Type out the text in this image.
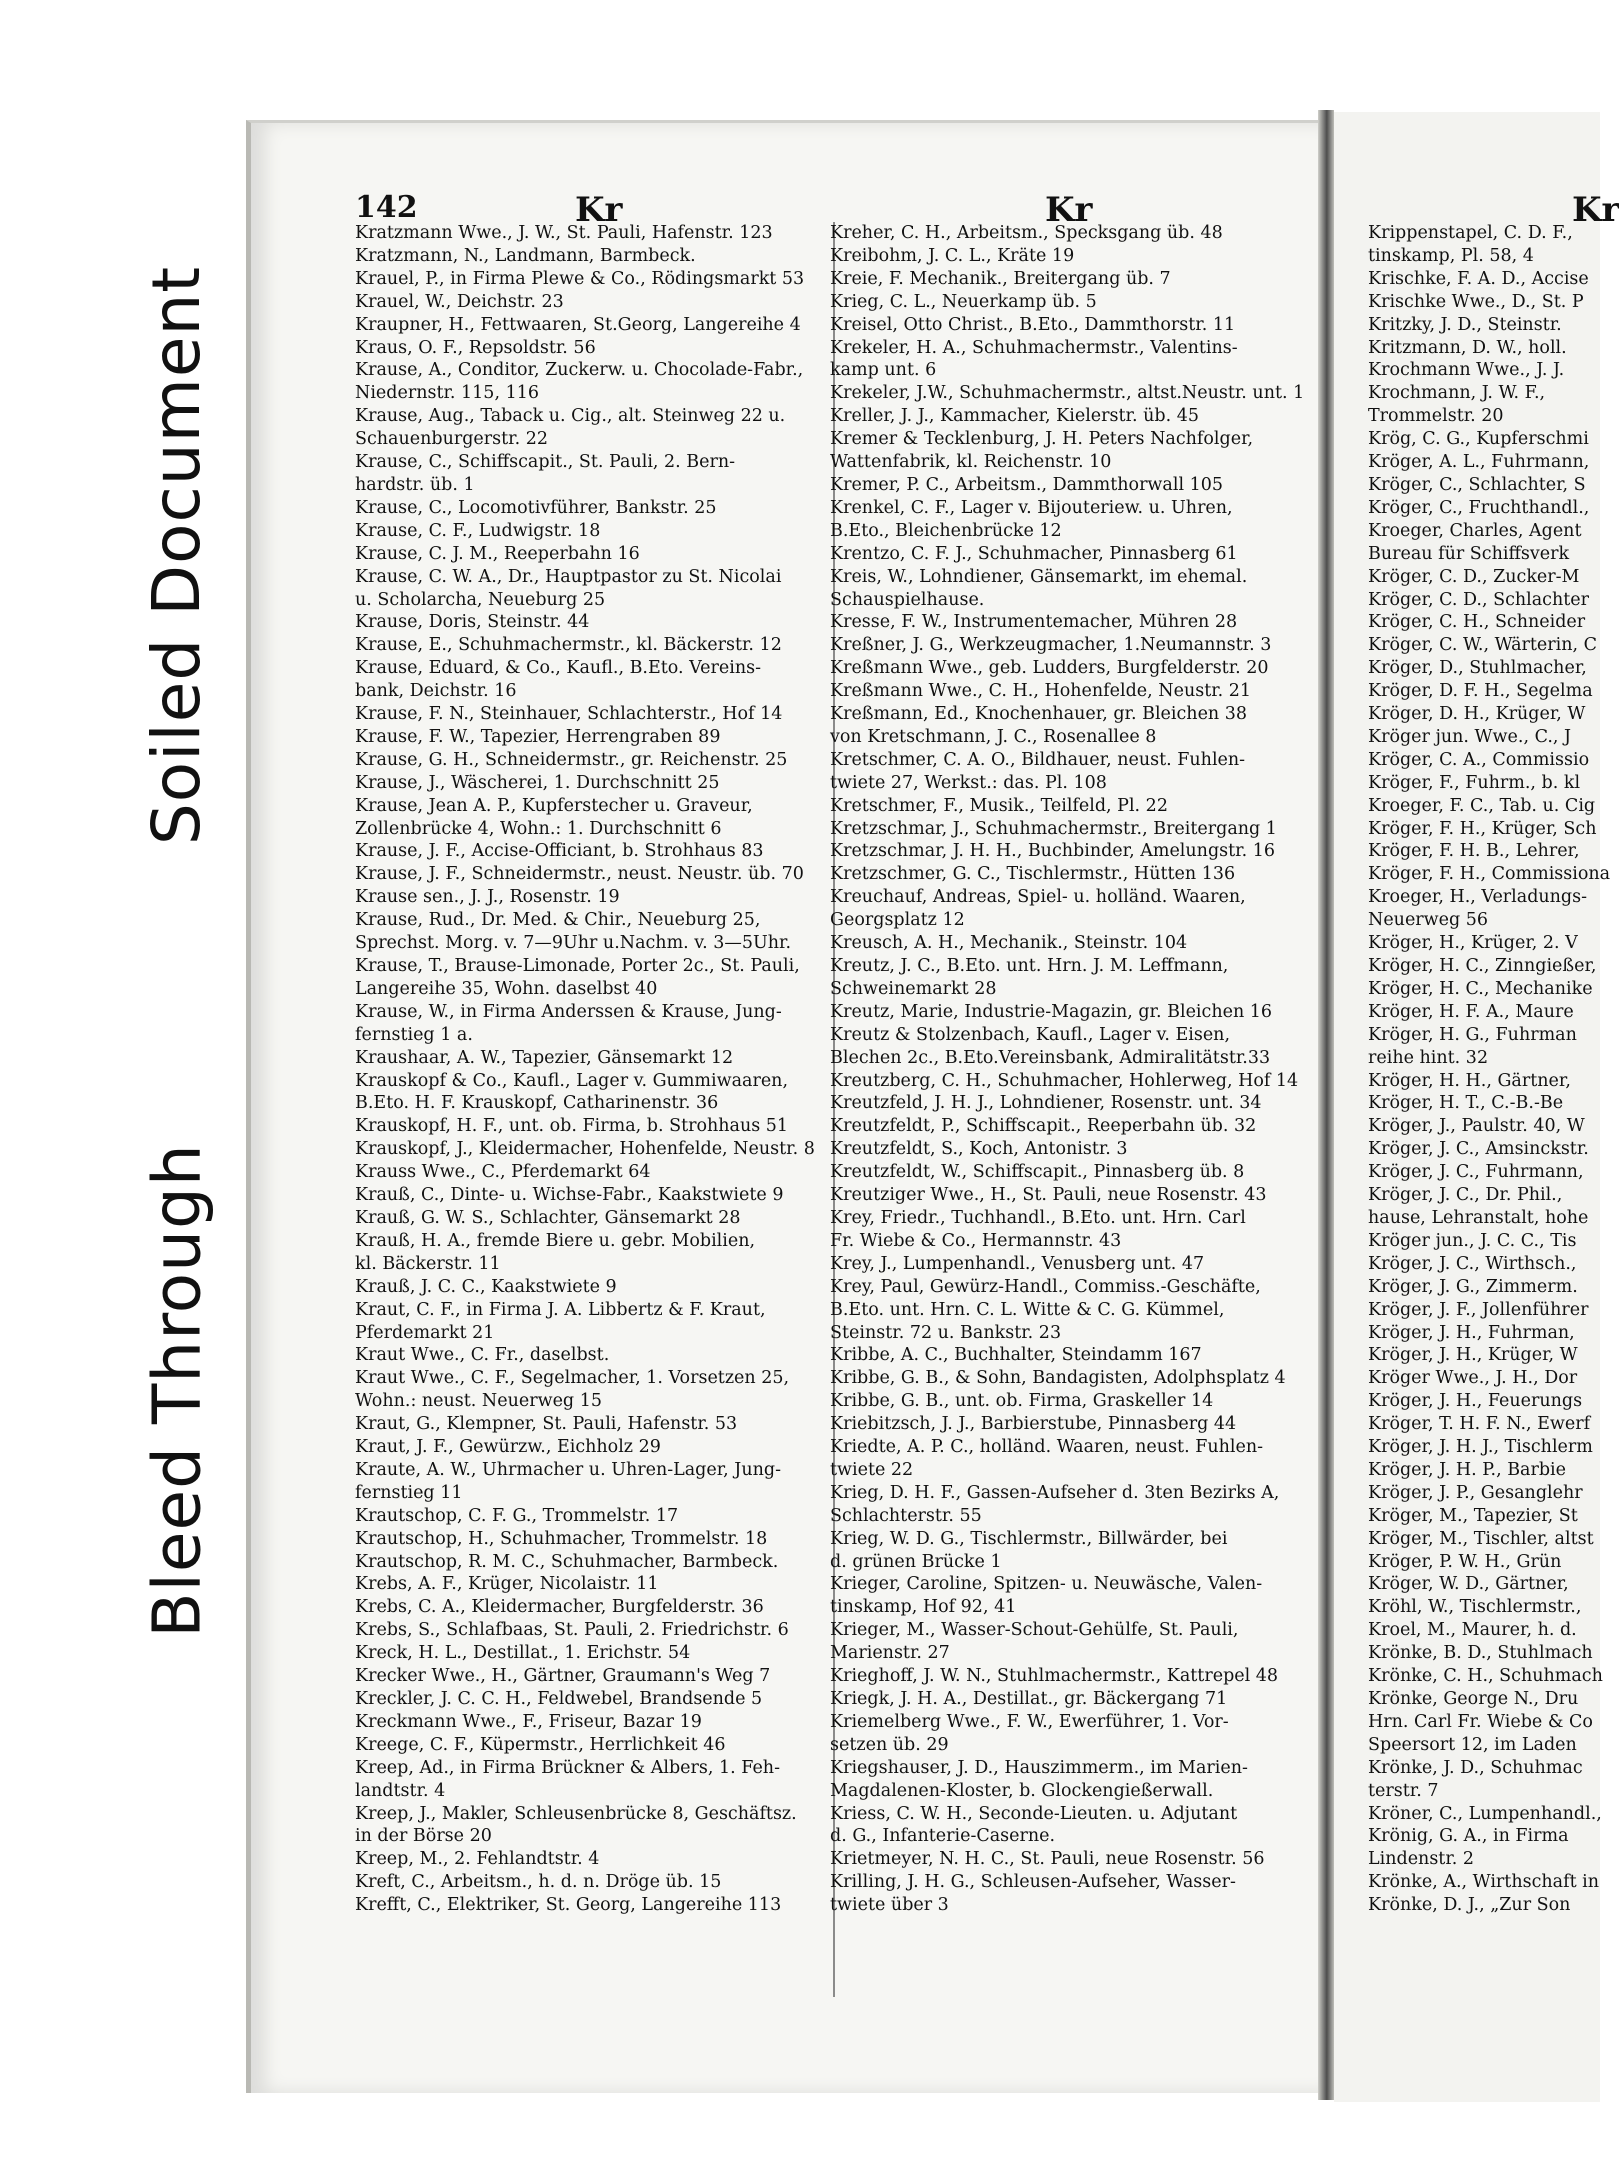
Soiled Document
Bleed Through
142	Kr	Kr	Kr
Kratzmann Wwe., J. W., St. Pauli, Hafenstr. 123
Kratzmann, N., Landmann, Barmbeck.
Krauel, P., in Firma Plewe & Co., Rödingsmarkt 53
Krauel, W., Deichstr. 23
Kraupner, H., Fettwaaren, St.Georg, Langereihe 4
Kraus, O. F., Repsoldstr. 56
Krause, A., Conditor, Zuckerw. u. Chocolade-Fabr.,
Niedernstr. 115, 116
Krause, Aug., Taback u. Cig., alt. Steinweg 22 u.
Schauenburgerstr. 22
Krause, C., Schiffscapit., St. Pauli, 2. Bern-
hardstr. üb. 1
Krause, C., Locomotivführer, Bankstr. 25
Krause, C. F., Ludwigstr. 18
Krause, C. J. M., Reeperbahn 16
Krause, C. W. A., Dr., Hauptpastor zu St. Nicolai
u. Scholarcha, Neueburg 25
Krause, Doris, Steinstr. 44
Krause, E., Schuhmachermstr., kl. Bäckerstr. 12
Krause, Eduard, & Co., Kaufl., B.Eto. Vereins-
bank, Deichstr. 16
Krause, F. N., Steinhauer, Schlachterstr., Hof 14
Krause, F. W., Tapezier, Herrengraben 89
Krause, G. H., Schneidermstr., gr. Reichenstr. 25
Krause, J., Wäscherei, 1. Durchschnitt 25
Krause, Jean A. P., Kupferstecher u. Graveur,
Zollenbrücke 4, Wohn.: 1. Durchschnitt 6
Krause, J. F., Accise-Officiant, b. Strohhaus 83
Krause, J. F., Schneidermstr., neust. Neustr. üb. 70
Krause sen., J. J., Rosenstr. 19
Krause, Rud., Dr. Med. & Chir., Neueburg 25,
Sprechst. Morg. v. 7—9Uhr u.Nachm. v. 3—5Uhr.
Krause, T., Brause-Limonade, Porter 2c., St. Pauli,
Langereihe 35, Wohn. daselbst 40
Krause, W., in Firma Anderssen & Krause, Jung-
fernstieg 1 a.
Kraushaar, A. W., Tapezier, Gänsemarkt 12
Krauskopf & Co., Kaufl., Lager v. Gummiwaaren,
B.Eto. H. F. Krauskopf, Catharinenstr. 36
Krauskopf, H. F., unt. ob. Firma, b. Strohhaus 51
Krauskopf, J., Kleidermacher, Hohenfelde, Neustr. 8
Krauss Wwe., C., Pferdemarkt 64
Krauß, C., Dinte- u. Wichse-Fabr., Kaakstwiete 9
Krauß, G. W. S., Schlachter, Gänsemarkt 28
Krauß, H. A., fremde Biere u. gebr. Mobilien,
kl. Bäckerstr. 11
Krauß, J. C. C., Kaakstwiete 9
Kraut, C. F., in Firma J. A. Libbertz & F. Kraut,
Pferdemarkt 21
Kraut Wwe., C. Fr., daselbst.
Kraut Wwe., C. F., Segelmacher, 1. Vorsetzen 25,
Wohn.: neust. Neuerweg 15
Kraut, G., Klempner, St. Pauli, Hafenstr. 53
Kraut, J. F., Gewürzw., Eichholz 29
Kraute, A. W., Uhrmacher u. Uhren-Lager, Jung-
fernstieg 11
Krautschop, C. F. G., Trommelstr. 17
Krautschop, H., Schuhmacher, Trommelstr. 18
Krautschop, R. M. C., Schuhmacher, Barmbeck.
Krebs, A. F., Krüger, Nicolaistr. 11
Krebs, C. A., Kleidermacher, Burgfelderstr. 36
Krebs, S., Schlafbaas, St. Pauli, 2. Friedrichstr. 6
Kreck, H. L., Destillat., 1. Erichstr. 54
Krecker Wwe., H., Gärtner, Graumann's Weg 7
Kreckler, J. C. C. H., Feldwebel, Brandsende 5
Kreckmann Wwe., F., Friseur, Bazar 19
Kreege, C. F., Küpermstr., Herrlichkeit 46
Kreep, Ad., in Firma Brückner & Albers, 1. Feh-
landtstr. 4
Kreep, J., Makler, Schleusenbrücke 8, Geschäftsz.
in der Börse 20
Kreep, M., 2. Fehlandtstr. 4
Kreft, C., Arbeitsm., h. d. n. Dröge üb. 15
Krefft, C., Elektriker, St. Georg, Langereihe 113
Kreher, C. H., Arbeitsm., Specksgang üb. 48
Kreibohm, J. C. L., Kräte 19
Kreie, F. Mechanik., Breitergang üb. 7
Krieg, C. L., Neuerkamp üb. 5
Kreisel, Otto Christ., B.Eto., Dammthorstr. 11
Krekeler, H. A., Schuhmachermstr., Valentins-
kamp unt. 6
Krekeler, J.W., Schuhmachermstr., altst.Neustr. unt. 1
Kreller, J. J., Kammacher, Kielerstr. üb. 45
Kremer & Tecklenburg, J. H. Peters Nachfolger,
Wattenfabrik, kl. Reichenstr. 10
Kremer, P. C., Arbeitsm., Dammthorwall 105
Krenkel, C. F., Lager v. Bijouteriew. u. Uhren,
B.Eto., Bleichenbrücke 12
Krentzo, C. F. J., Schuhmacher, Pinnasberg 61
Kreis, W., Lohndiener, Gänsemarkt, im ehemal.
Schauspielhause.
Kresse, F. W., Instrumentemacher, Mühren 28
Kreßner, J. G., Werkzeugmacher, 1.Neumannstr. 3
Kreßmann Wwe., geb. Ludders, Burgfelderstr. 20
Kreßmann Wwe., C. H., Hohenfelde, Neustr. 21
Kreßmann, Ed., Knochenhauer, gr. Bleichen 38
von Kretschmann, J. C., Rosenallee 8
Kretschmer, C. A. O., Bildhauer, neust. Fuhlen-
twiete 27, Werkst.: das. Pl. 108
Kretschmer, F., Musik., Teilfeld, Pl. 22
Kretzschmar, J., Schuhmachermstr., Breitergang 1
Kretzschmar, J. H. H., Buchbinder, Amelungstr. 16
Kretzschmer, G. C., Tischlermstr., Hütten 136
Kreuchauf, Andreas, Spiel- u. holländ. Waaren,
Georgsplatz 12
Kreusch, A. H., Mechanik., Steinstr. 104
Kreutz, J. C., B.Eto. unt. Hrn. J. M. Leffmann,
Schweinemarkt 28
Kreutz, Marie, Industrie-Magazin, gr. Bleichen 16
Kreutz & Stolzenbach, Kaufl., Lager v. Eisen,
Blechen 2c., B.Eto.Vereinsbank, Admiralitätstr.33
Kreutzberg, C. H., Schuhmacher, Hohlerweg, Hof 14
Kreutzfeld, J. H. J., Lohndiener, Rosenstr. unt. 34
Kreutzfeldt, P., Schiffscapit., Reeperbahn üb. 32
Kreutzfeldt, S., Koch, Antonistr. 3
Kreutzfeldt, W., Schiffscapit., Pinnasberg üb. 8
Kreutziger Wwe., H., St. Pauli, neue Rosenstr. 43
Krey, Friedr., Tuchhandl., B.Eto. unt. Hrn. Carl
Fr. Wiebe & Co., Hermannstr. 43
Krey, J., Lumpenhandl., Venusberg unt. 47
Krey, Paul, Gewürz-Handl., Commiss.-Geschäfte,
B.Eto. unt. Hrn. C. L. Witte & C. G. Kümmel,
Steinstr. 72 u. Bankstr. 23
Kribbe, A. C., Buchhalter, Steindamm 167
Kribbe, G. B., & Sohn, Bandagisten, Adolphsplatz 4
Kribbe, G. B., unt. ob. Firma, Graskeller 14
Kriebitzsch, J. J., Barbierstube, Pinnasberg 44
Kriedte, A. P. C., holländ. Waaren, neust. Fuhlen-
twiete 22
Krieg, D. H. F., Gassen-Aufseher d. 3ten Bezirks A,
Schlachterstr. 55
Krieg, W. D. G., Tischlermstr., Billwärder, bei
d. grünen Brücke 1
Krieger, Caroline, Spitzen- u. Neuwäsche, Valen-
tinskamp, Hof 92, 41
Krieger, M., Wasser-Schout-Gehülfe, St. Pauli,
Marienstr. 27
Krieghoff, J. W. N., Stuhlmachermstr., Kattrepel 48
Kriegk, J. H. A., Destillat., gr. Bäckergang 71
Kriemelberg Wwe., F. W., Ewerführer, 1. Vor-
setzen üb. 29
Kriegshauser, J. D., Hauszimmerm., im Marien-
Magdalenen-Kloster, b. Glockengießerwall.
Kriess, C. W. H., Seconde-Lieuten. u. Adjutant
d. G., Infanterie-Caserne.
Krietmeyer, N. H. C., St. Pauli, neue Rosenstr. 56
Krilling, J. H. G., Schleusen-Aufseher, Wasser-
twiete über 3
Krippenstapel, C. D. F.,
tinskamp, Pl. 58, 4
Krischke, F. A. D., Accise
Krischke Wwe., D., St. P
Kritzky, J. D., Steinstr.
Kritzmann, D. W., holl.
Krochmann Wwe., J. J.
Krochmann, J. W. F.,
Trommelstr. 20
Krög, C. G., Kupferschmi
Kröger, A. L., Fuhrmann,
Kröger, C., Schlachter, S
Kröger, C., Fruchthandl.,
Kroeger, Charles, Agent
Bureau für Schiffsverk
Kröger, C. D., Zucker-M
Kröger, C. D., Schlachter
Kröger, C. H., Schneider
Kröger, C. W., Wärterin, C
Kröger, D., Stuhlmacher,
Kröger, D. F. H., Segelma
Kröger, D. H., Krüger, W
Kröger jun. Wwe., C., J
Kröger, C. A., Commissio
Kröger, F., Fuhrm., b. kl
Kroeger, F. C., Tab. u. Cig
Kröger, F. H., Krüger, Sch
Kröger, F. H. B., Lehrer,
Kröger, F. H., Commissiona
Kroeger, H., Verladungs-
Neuerweg 56
Kröger, H., Krüger, 2. V
Kröger, H. C., Zinngießer,
Kröger, H. C., Mechanike
Kröger, H. F. A., Maure
Kröger, H. G., Fuhrman
reihe hint. 32
Kröger, H. H., Gärtner,
Kröger, H. T., C.-B.-Be
Kröger, J., Paulstr. 40, W
Kröger, J. C., Amsinckstr.
Kröger, J. C., Fuhrmann,
Kröger, J. C., Dr. Phil.,
hause, Lehranstalt, hohe
Kröger jun., J. C. C., Tis
Kröger, J. C., Wirthsch.,
Kröger, J. G., Zimmerm.
Kröger, J. F., Jollenführer
Kröger, J. H., Fuhrman,
Kröger, J. H., Krüger, W
Kröger Wwe., J. H., Dor
Kröger, J. H., Feuerungs
Kröger, T. H. F. N., Ewerf
Kröger, J. H. J., Tischlerm
Kröger, J. H. P., Barbie
Kröger, J. P., Gesanglehr
Kröger, M., Tapezier, St
Kröger, M., Tischler, altst
Kröger, P. W. H., Grün
Kröger, W. D., Gärtner,
Kröhl, W., Tischlermstr.,
Kroel, M., Maurer, h. d.
Krönke, B. D., Stuhlmach
Krönke, C. H., Schuhmach
Krönke, George N., Dru
Hrn. Carl Fr. Wiebe & Co
Speersort 12, im Laden
Krönke, J. D., Schuhmac
terstr. 7
Kröner, C., Lumpenhandl.,
Krönig, G. A., in Firma
Lindenstr. 2
Krönke, A., Wirthschaft in
Krönke, D. J., „Zur Son
